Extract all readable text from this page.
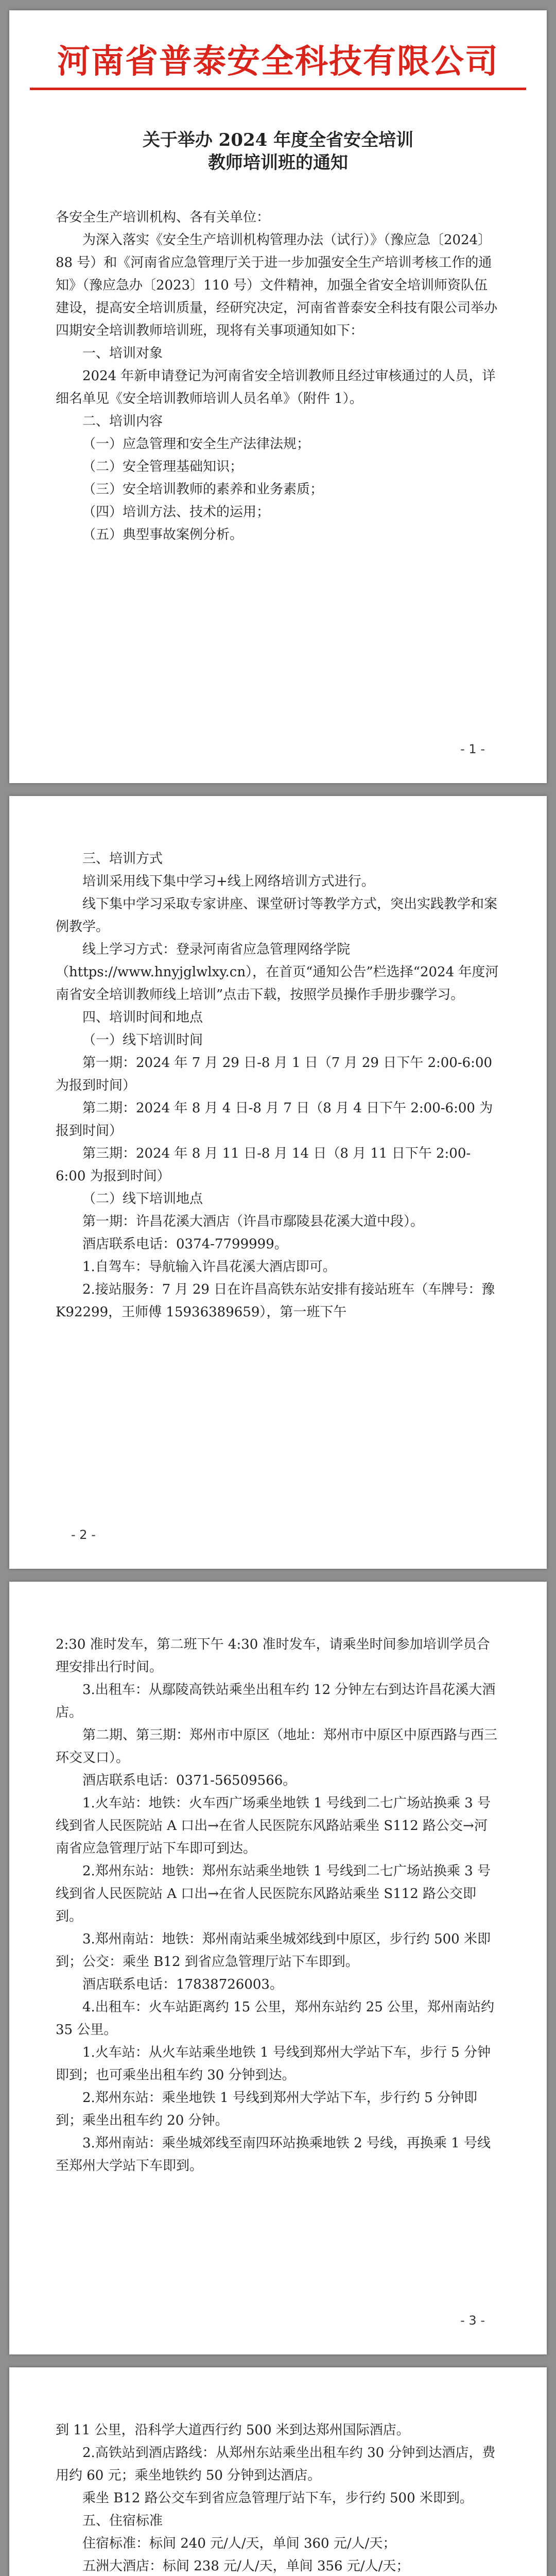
河南省普泰安全科技有限公司
关于举办 2024 年度全省安全培训
教师培训班的通知

各安全生产培训机构、各有关单位：

为深入落实《安全生产培训机构管理办法（试行）》（豫应急〔2024〕88 号）和《河南省应急管理厅关于进一步加强安全生产培训考核工作的通知》（豫应急办〔2023〕110 号）文件精神，加强全省安全培训师资队伍建设，提高安全培训质量，经研究决定，河南省普泰安全科技有限公司举办四期安全培训教师培训班，现将有关事项通知如下：

一、培训对象

2024 年新申请登记为河南省安全培训教师且经过审核通过的人员，详细名单见《安全培训教师培训人员名单》（附件 1）。

二、培训内容

（一）应急管理和安全生产法律法规；

（二）安全管理基础知识；

（三）安全培训教师的素养和业务素质；

（四）培训方法、技术的运用；

（五）典型事故案例分析。

- 1 -

三、培训方式

培训采用线下集中学习+线上网络培训方式进行。

线下集中学习采取专家讲座、课堂研讨等教学方式，突出实践教学和案例教学。

线上学习方式：登录河南省应急管理网络学院（https://www.hnyjglwlxy.cn），在首页“通知公告”栏选择“2024 年度河南省安全培训教师线上培训”点击下载，按照学员操作手册步骤学习。

四、培训时间和地点

（一）线下培训时间

第一期：2024 年 7 月 29 日-8 月 1 日（7 月 29 日下午 2:00-6:00 为报到时间）

第二期：2024 年 8 月 4 日-8 月 7 日（8 月 4 日下午 2:00-6:00 为报到时间）

第三期：2024 年 8 月 11 日-8 月 14 日（8 月 11 日下午 2:00-6:00 为报到时间）

（二）线下培训地点

第一期：许昌花溪大酒店（许昌市鄢陵县花溪大道中段）。

酒店联系电话：0374-7799999。

1.自驾车：导航输入许昌花溪大酒店即可。

2.接站服务：7 月 29 日在许昌高铁东站安排有接站班车（车牌号：豫 K92299，王师傅 15936389659），第一班下午

- 2 -

2:30 准时发车，第二班下午 4:30 准时发车，请乘坐时间参加培训学员合理安排出行时间。

3.出租车：从鄢陵高铁站乘坐出租车约 12 分钟左右到达许昌花溪大酒店。

第二期、第三期：郑州市中原区（地址：郑州市中原区中原西路与西三环交叉口）。

酒店联系电话：0371-56509566。

1.火车站：地铁：火车西广场乘坐地铁 1 号线到二七广场站换乘 3 号线到省人民医院站 A 口出→在省人民医院东风路站乘坐 S112 路公交→河南省应急管理厅站下车即可到达。

2.郑州东站：地铁：郑州东站乘坐地铁 1 号线到二七广场站换乘 3 号线到省人民医院站 A 口出→在省人民医院东风路站乘坐 S112 路公交即到。

3.郑州南站：地铁：郑州南站乘坐城郊线到中原区，步行约 500 米即到；公交：乘坐 B12 到省应急管理厅站下车即到。

酒店联系电话：17838726003。

4.出租车：火车站距离约 15 公里，郑州东站约 25 公里，郑州南站约 35 公里。

1.火车站：从火车站乘坐地铁 1 号线到郑州大学站下车，步行 5 分钟即到；也可乘坐出租车约 30 分钟到达。

2.郑州东站：乘坐地铁 1 号线到郑州大学站下车，步行约 5 分钟即到；乘坐出租车约 20 分钟。

3.郑州南站：乘坐城郊线至南四环站换乘地铁 2 号线，再换乘 1 号线至郑州大学站下车即到。

- 3 -

到 11 公里，沿科学大道西行约 500 米到达郑州国际酒店。

2.高铁站到酒店路线：从郑州东站乘坐出租车约 30 分钟到达酒店，费用约 60 元；乘坐地铁约 50 分钟到达酒店。

乘坐 B12 路公交车到省应急管理厅站下车，步行约 500 米即到。

五、住宿标准

住宿标准：标间 240 元/人/天，单间 360 元/人/天；

五洲大酒店：标间 238 元/人/天，单间 356 元/人/天；
